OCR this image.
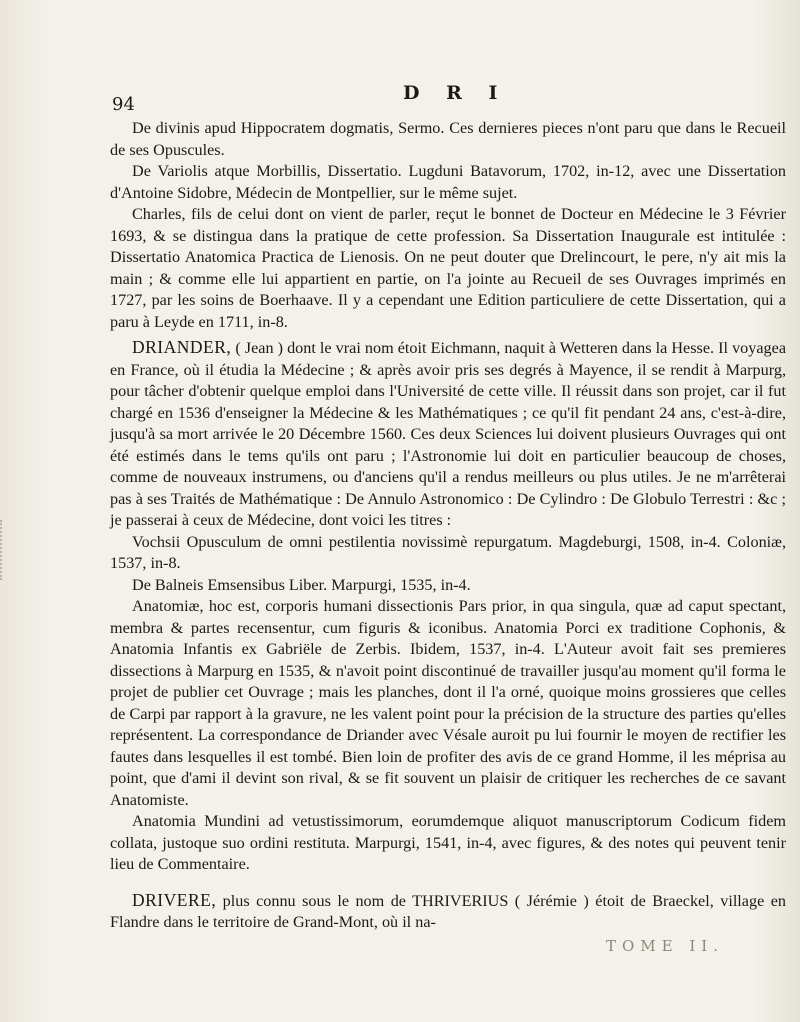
94
D R I

De divinis apud Hippocratem dogmatis, Sermo. Ces dernieres pieces n'ont paru que dans le Recueil de ses Opuscules.

De Variolis atque Morbillis, Dissertatio. Lugduni Batavorum, 1702, in-12, avec une Dissertation d'Antoine Sidobre, Médecin de Montpellier, sur le même sujet.

Charles, fils de celui dont on vient de parler, reçut le bonnet de Docteur en Médecine le 3 Février 1693, & se distingua dans la pratique de cette profession. Sa Dissertation Inaugurale est intitulée : Dissertatio Anatomica Practica de Lienosis. On ne peut douter que Drelincourt, le pere, n'y ait mis la main ; & comme elle lui appartient en partie, on l'a jointe au Recueil de ses Ouvrages imprimés en 1727, par les soins de Boerhaave. Il y a cependant une Edition particuliere de cette Dissertation, qui a paru à Leyde en 1711, in-8.

DRIANDER, ( Jean ) dont le vrai nom étoit Eichmann, naquit à Wetteren dans la Hesse. Il voyagea en France, où il étudia la Médecine ; & après avoir pris ses degrés à Mayence, il se rendit à Marpurg, pour tâcher d'obtenir quelque emploi dans l'Université de cette ville. Il réussit dans son projet, car il fut chargé en 1536 d'enseigner la Médecine & les Mathématiques ; ce qu'il fit pendant 24 ans, c'est-à-dire, jusqu'à sa mort arrivée le 20 Décembre 1560. Ces deux Sciences lui doivent plusieurs Ouvrages qui ont été estimés dans le tems qu'ils ont paru ; l'Astronomie lui doit en particulier beaucoup de choses, comme de nouveaux instrumens, ou d'anciens qu'il a rendus meilleurs ou plus utiles. Je ne m'arrêterai pas à ses Traités de Mathématique : De Annulo Astronomico : De Cylindro : De Globulo Terrestri : &c ; je passerai à ceux de Médecine, dont voici les titres :

Vochsii Opusculum de omni pestilentia novissimè repurgatum. Magdeburgi, 1508, in-4. Coloniæ, 1537, in-8.

De Balneis Emsensibus Liber. Marpurgi, 1535, in-4.

Anatomiæ, hoc est, corporis humani dissectionis Pars prior, in qua singula, quæ ad caput spectant, membra & partes recensentur, cum figuris & iconibus. Anatomia Porci ex traditione Cophonis, & Anatomia Infantis ex Gabriële de Zerbis. Ibidem, 1537, in-4. L'Auteur avoit fait ses premieres dissections à Marpurg en 1535, & n'avoit point discontinué de travailler jusqu'au moment qu'il forma le projet de publier cet Ouvrage ; mais les planches, dont il l'a orné, quoique moins grossieres que celles de Carpi par rapport à la gravure, ne les valent point pour la précision de la structure des parties qu'elles représentent. La correspondance de Driander avec Vésale auroit pu lui fournir le moyen de rectifier les fautes dans lesquelles il est tombé. Bien loin de profiter des avis de ce grand Homme, il les méprisa au point, que d'ami il devint son rival, & se fit souvent un plaisir de critiquer les recherches de ce savant Anatomiste.

Anatomia Mundini ad vetustissimorum, eorumdemque aliquot manuscriptorum Codicum fidem collata, justoque suo ordini restituta. Marpurgi, 1541, in-4, avec figures, & des notes qui peuvent tenir lieu de Commentaire.

DRIVERE, plus connu sous le nom de THRIVERIUS ( Jérémie ) étoit de Braeckel, village en Flandre dans le territoire de Grand-Mont, où il na-

TOME II.
